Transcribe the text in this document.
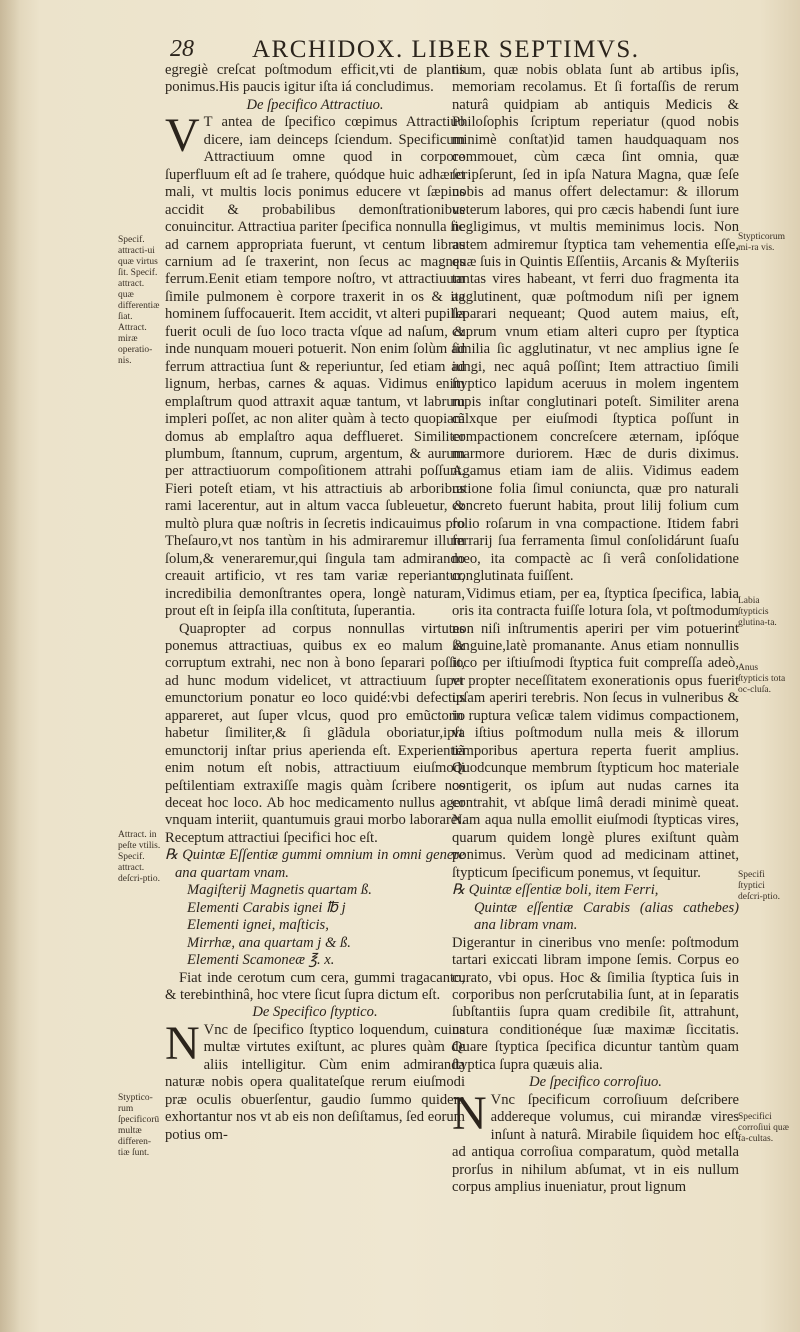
28 ARCHIDOX. LIBER SEPTIMVS.

egregiè creſcat poſtmodum efficit,vti de plantis ponimus.His paucis igitur iſta iá concludimus.

De ſpecifico Attractiuo.

V T antea de ſpecifico cœpimus Attractiuo dicere, iam deinceps ſciendum. Specificum Attractiuum omne quod in corpore ſuperfluum eſt ad ſe trahere, quódque huic adhæret mali, vt multis locis ponimus educere vt ſæpius accidit & probabilibus demonſtrationibus conuincitur. Attractiua pariter ſpecifica nonnulla ſic ad carnem appropriata fuerunt, vt centum libras carnium ad ſe traxerint, non ſecus ac magnes ferrum.Eenit etiam tempore noſtro, vt attractiuum ſimile pulmonem è corpore traxerit in os & ita hominem ſuffocauerit. Item accidit, vt alteri pupilla fuerit oculi de ſuo loco tracta vſque ad naſum, & inde nunquam moueri potuerit. Non enim ſolùm ad ferrum attractiua ſunt & reperiuntur, ſed etiam ad lignum, herbas, carnes & aquas. Vidimus enim emplaſtrum quod attraxit aquæ tantum, vt labrum impleri poſſet, ac non aliter quàm à tecto quopiam domus ab emplaſtro aqua defflueret. Similiter plumbum, ſtannum, cuprum, argentum, & aurum per attractiuorum compoſitionem attrahi poſſunt. Fieri poteſt etiam, vt his attractiuis ab arboribus rami lacerentur, aut in altum vacca ſubleuetur, & multò plura quæ noſtris in ſecretis indicauimus pro Theſauro,vt nos tantùm in his admiraremur illum ſolum,& veneraremur,qui ſingula tam admirando creauit artificio, vt res tam variæ reperiantur, incredibilia demonſtrantes opera, longè naturam, prout eſt in ſeipſa illa conſtituta, ſuperantia.

Quapropter ad corpus nonnullas virtutes ponemus attractiuas, quibus ex eo malum & corruptum extrahi, nec non à bono ſeparari poſſit, ad hunc modum videlicet, vt attractiuum ſuper emunctorium ponatur eo loco quidé:vbi defectus appareret, aut ſuper vlcus, quod pro emũctorio habetur ſimiliter,& ſi glãdula oboriatur,ipſa emunctorij inſtar prius aperienda eſt. Experientiã enim notum eſt nobis, attractiuum eiuſmodi peſtilentiam extraxiſſe magis quàm ſcribere nos deceat hoc loco. Ab hoc medicamento nullus ager vnquam interiit, quantumuis graui morbo laboraret. Receptum attractiui ſpecifici hoc eſt.

℞ Quintæ Eſſentiæ gummi omnium in omni genere ana quartam vnam.

Magiſterij Magnetis quartam ß.

Elementi Carabis ignei ℔ j

Elementi ignei, maſticis,

Mirrhæ, ana quartam j & ß.

Elementi Scamoneæ ℥. x.

Fiat inde cerotum cum cera, gummi tragacanto, & terebinthinâ, hoc vtere ſicut ſupra dictum eſt.

De Specifico ſtyptico.

N Vnc de ſpecifico ſtyptico loquendum, cuius multæ virtutes exiſtunt, ac plures quàm de aliis intelligitur. Cùm enim admiranda naturæ nobis opera qualitateſque rerum eiuſmodi præ oculis obuerſentur, gaudio ſummo quidem exhortantur nos vt ab eis non deſiſtamus, ſed eorum potius om-

nium, quæ nobis oblata ſunt ab artibus ipſis, memoriam recolamus. Et ſi fortaſſis de rerum naturâ quidpiam ab antiquis Medicis & Philoſophis ſcriptum reperiatur (quod nobis minimè conſtat)id tamen haudquaquam nos commouet, cùm cæca ſint omnia, quæ ſcripſerunt, ſed in ipſa Natura Magna, quæ ſeſe nobis ad manus offert delectamur: & illorum veterum labores, qui pro cæcis habendi ſunt iure negligimus, vt multis meminimus locis. Non autem admiremur ſtyptica tam vehementia eſſe, quæ ſuis in Quintis Eſſentiis, Arcanis & Myſteriis tantas vires habeant, vt ferri duo fragmenta ita agglutinent, quæ poſtmodum niſi per ignem ſeparari nequeant; Quod autem maius, eſt, cuprum vnum etiam alteri cupro per ſtyptica ſimilia ſic agglutinatur, vt nec amplius igne ſe iungi, nec aquâ poſſint; Item attractiuo ſimili ſtyptico lapidum aceruus in molem ingentem rupis inſtar conglutinari poteſt. Similiter arena cãlxque per eiuſmodi ſtyptica poſſunt in compactionem concreſcere æternam, ipſóque marmore duriorem. Hæc de duris diximus. Agamus etiam iam de aliis. Vidimus eadem ratione folia ſimul coniuncta, quæ pro naturali concreto fuerunt habita, prout lilij folium cum folio roſarum in vna compactione. Itidem fabri ferrarij ſua ferramenta ſimul conſolidárunt ſuaſu meo, ita compactè ac ſi verâ conſolidatione conglutinata fuiſſent.

Vidimus etiam, per ea, ſtyptica ſpecifica, labia oris ita contracta fuiſſe lotura ſola, vt poſtmodum non niſi inſtrumentis aperiri per vim potuerint ſanguine,latè promanante. Anus etiam nonnullis ioco per iſtiuſmodi ſtyptica fuit compreſſa adeò, vt propter neceſſitatem exonerationis opus fuerit ipſam aperiri terebris. Non ſecus in vulneribus & in ruptura veſicæ talem vidimus compactionem, vt iſtius poſtmodum nulla meis & illorum temporibus apertura reperta fuerit amplius. Quodcunque membrum ſtypticum hoc materiale contigerit, os ipſum aut nudas carnes ita contrahit, vt abſque limâ deradi minimè queat. Nam aqua nulla emollit eiuſmodi ſtypticas vires, quarum quidem longè plures exiſtunt quàm ponimus. Verùm quod ad medicinam attinet, ſtypticum ſpecificum ponemus, vt ſequitur.

℞ Quintæ eſſentiæ boli, item Ferri,

Quintæ eſſentiæ Carabis (alias cathebes) ana libram vnam.

Digerantur in cineribus vno menſe: poſtmodum tartari exiccati libram impone ſemis. Corpus eo curato, vbi opus. Hoc & ſimilia ſtyptica ſuis in corporibus non perſcrutabilia ſunt, at in ſeparatis ſubſtantiis ſupra quam credibile ſit, attrahunt, natura conditionéque ſuæ maximæ ſiccitatis. Quare ſtyptica ſpecifica dicuntur tantùm quam ſtyptica ſupra quæuis alia.

De ſpecifico corroſiuo.

N Vnc ſpecificum corroſiuum deſcribere addereque volumus, cui mirandæ vires inſunt à naturâ. Mirabile ſiquidem hoc eſt ad antiqua corroſiua comparatum, quòd metalla prorſus in nihilum abſumat, vt in eis nullum corpus amplius inueniatur, prout lignum

Specif. attracti-ui quæ virtus ſit. Specif. attract. quæ differentiæ ſiat. Attract. miræ operatio-nis.
Attract. in peſte vtilis. Specif. attract. deſcri-ptio.
Styptico-rum ſpecificorū multæ differen-tiæ ſunt.
Stypticorum mi-ra vis.
Labia ſtypticis glutina-ta.
Anus ſtypticis tota oc-cluſa.
Specifi ſtyptici deſcri-ptio.
Specifici corroſiui quæ fa-cultas.
